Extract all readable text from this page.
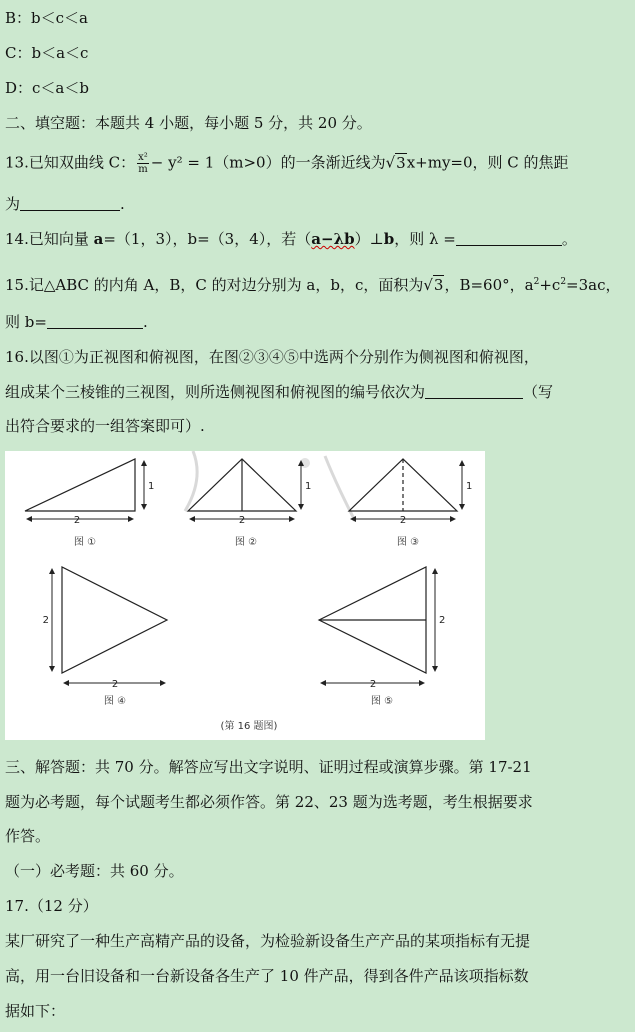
B：b＜c＜a
C：b＜a＜c
D：c＜a＜b
二、填空题：本题共 4 小题，每小题 5 分，共 20 分。
13.已知双曲线 C： $\frac{\text{x²}}{m} - y^2 = 1(m>0)$的一条渐近线为√3x+my=0，则 C 的焦距
为	.
14.已知向量 a=（1，3），b=（3，4），若（a−λb）⊥b，则 λ =	。
15.记△ABC 的内角 A，B，C 的对边分别为 a，b，c，面积为√3，B=60°，$a^2+c^2=3ac$，
则 b=	.
16.以图①为正视图和俯视图，在图②③④⑤中选两个分别作为侧视图和俯视图，
组成某个三棱锥的三视图，则所选侧视图和俯视图的编号依次为	（写
出符合要求的一组答案即可）.
2
1
图 ①
2
1
图 ②
2
1
图 ③
2
2
图 ④
2
2
图 ⑤
(第 16 题图)
三、解答题：共 70 分。解答应写出文字说明、证明过程或演算步骤。第 17-21
题为必考题，每个试题考生都必须作答。第 22、23 题为选考题，考生根据要求
作答。
（一）必考题：共 60 分。
17.（12 分）
某厂研究了一种生产高精产品的设备，为检验新设备生产产品的某项指标有无提
高，用一台旧设备和一台新设备各生产了 10 件产品，得到各件产品该项指标数
据如下：
